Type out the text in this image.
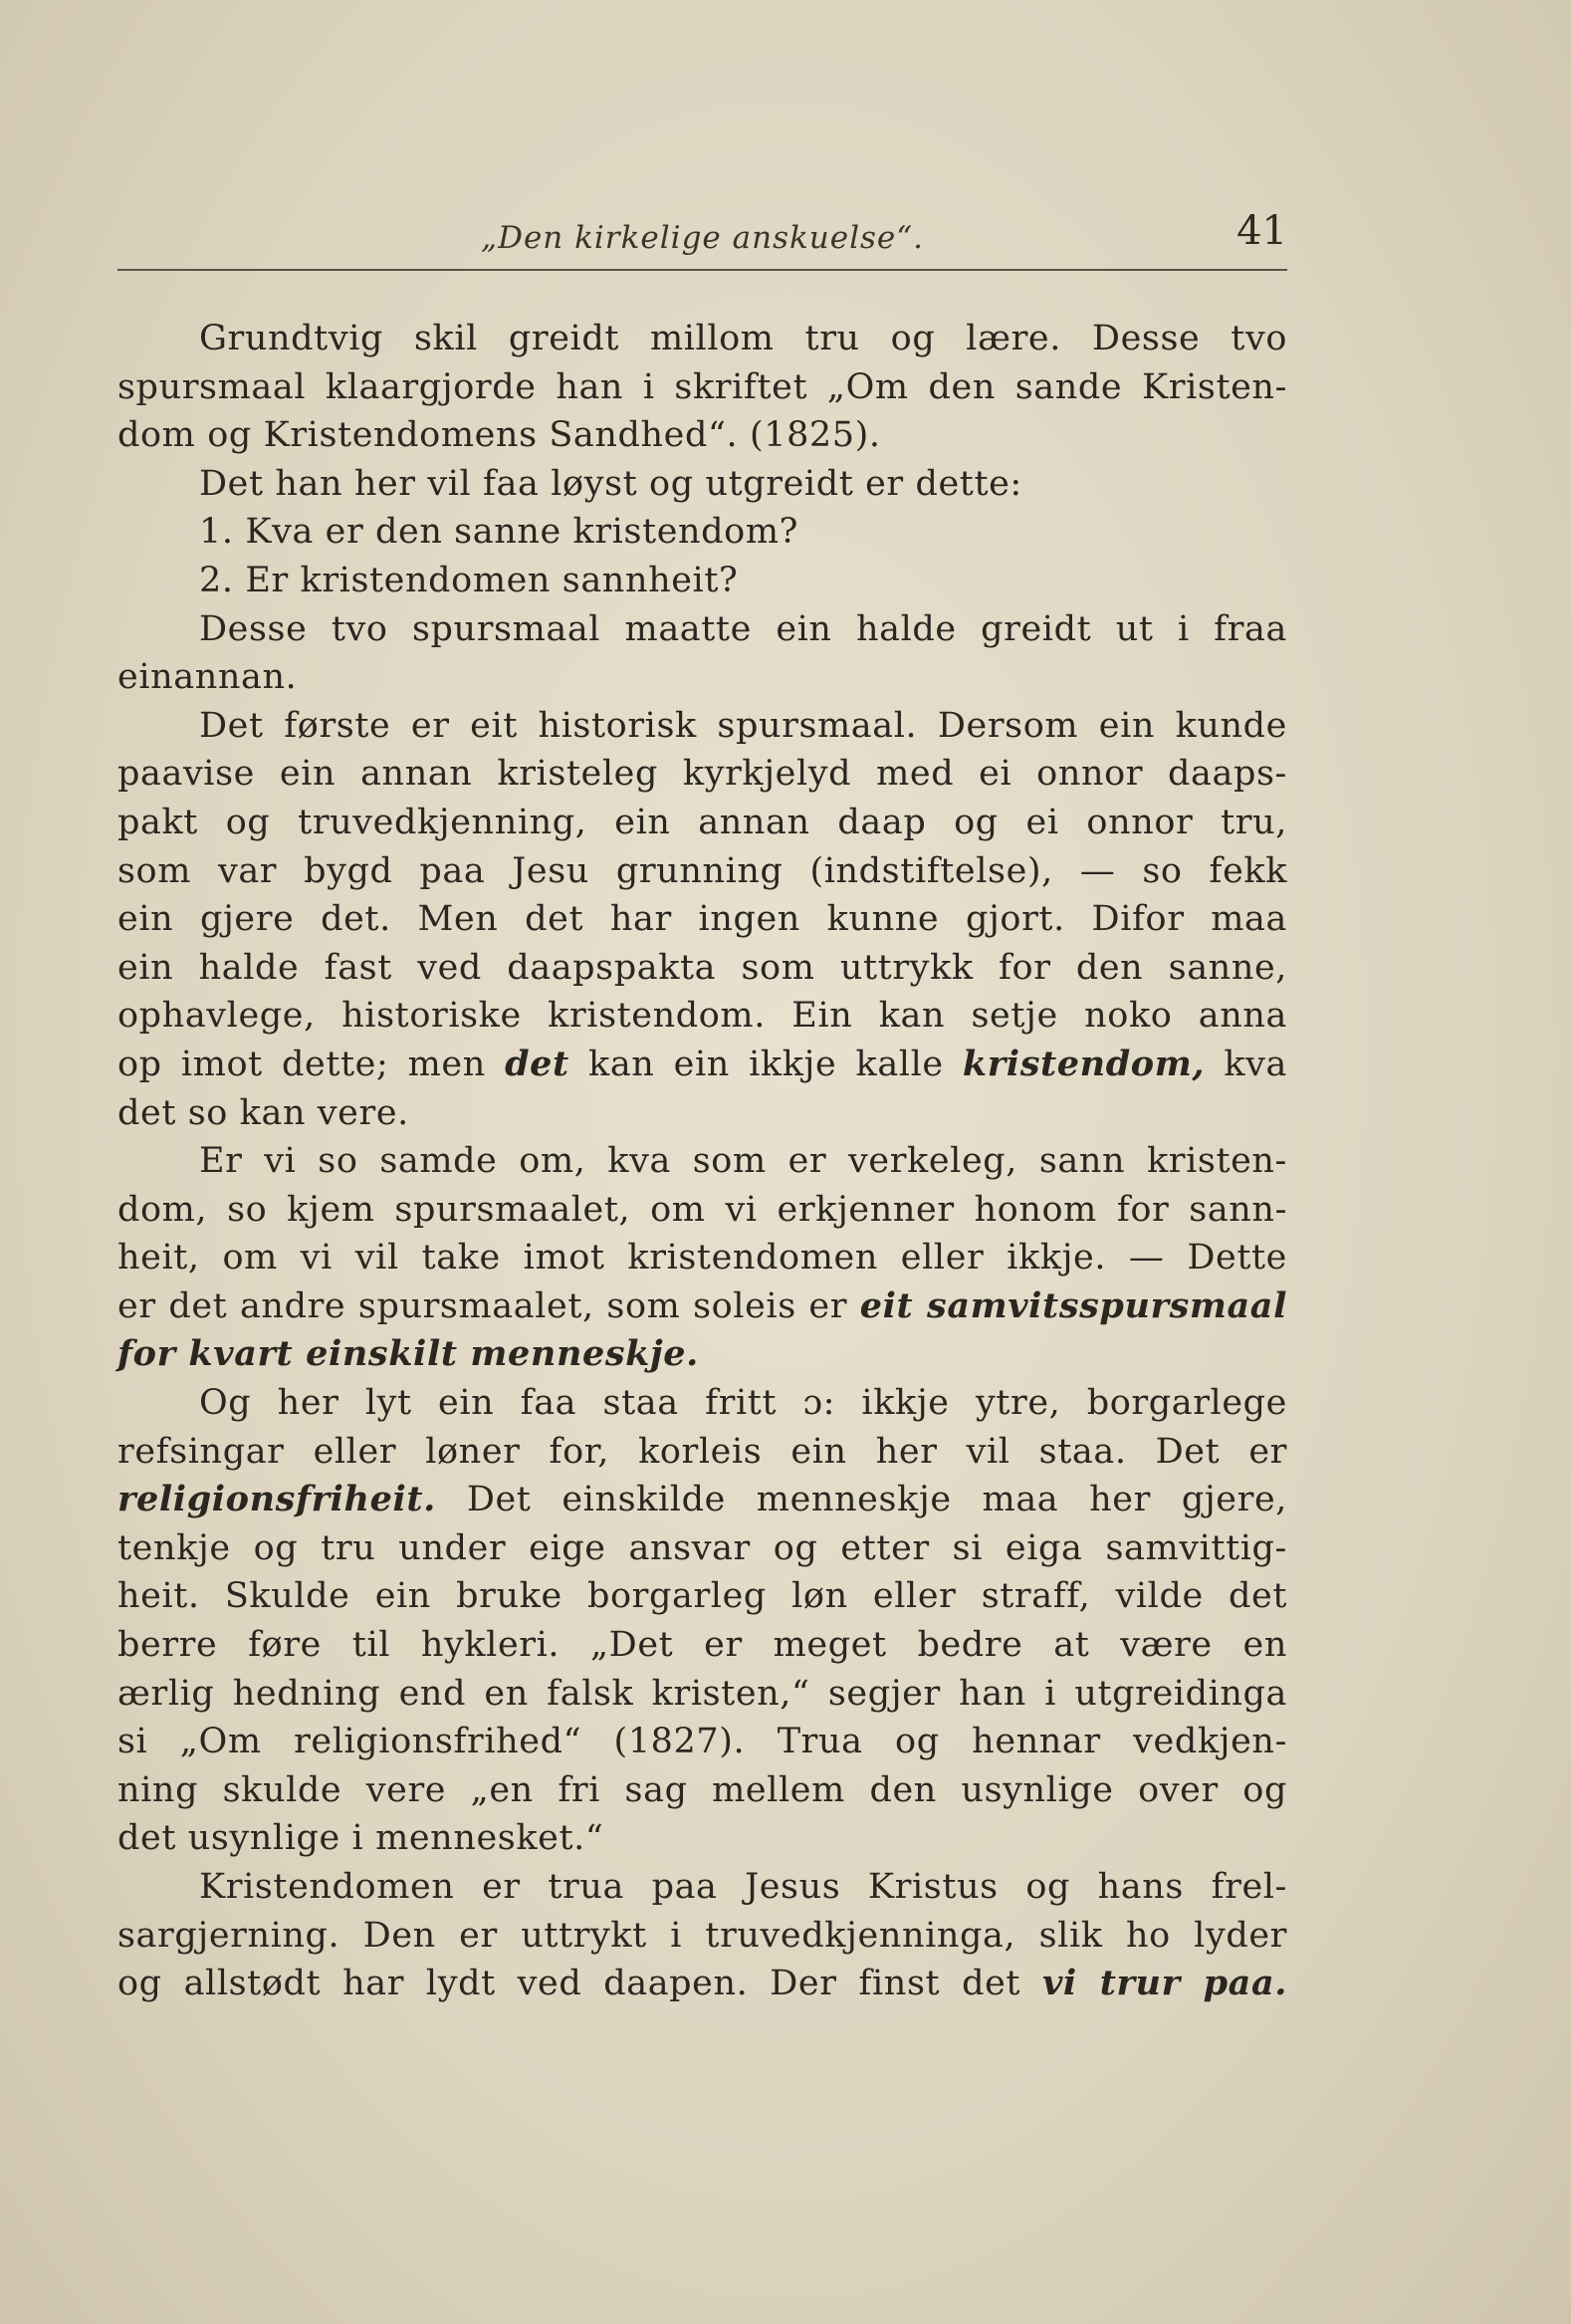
„Den kirkelige anskuelse“.	41
Grundtvig skil greidt millom tru og lære. Desse tvo
spursmaal klaargjorde han i skriftet „Om den sande Kristen-
dom og Kristendomens Sandhed“. (1825).
Det han her vil faa løyst og utgreidt er dette:
1. Kva er den sanne kristendom?
2. Er kristendomen sannheit?
Desse tvo spursmaal maatte ein halde greidt ut i fraa
einannan.
Det første er eit historisk spursmaal. Dersom ein kunde
paavise ein annan kristeleg kyrkjelyd med ei onnor daaps-
pakt og truvedkjenning, ein annan daap og ei onnor tru,
som var bygd paa Jesu grunning (indstiftelse), — so fekk
ein gjere det. Men det har ingen kunne gjort. Difor maa
ein halde fast ved daapspakta som uttrykk for den sanne,
ophavlege, historiske kristendom. Ein kan setje noko anna
op imot dette; men det kan ein ikkje kalle kristendom, kva
det so kan vere.
Er vi so samde om, kva som er verkeleg, sann kristen-
dom, so kjem spursmaalet, om vi erkjenner honom for sann-
heit, om vi vil take imot kristendomen eller ikkje. — Dette
er det andre spursmaalet, som soleis er eit samvitsspursmaal
for kvart einskilt menneskje.
Og her lyt ein faa staa fritt ɔ: ikkje ytre, borgarlege
refsingar eller løner for, korleis ein her vil staa. Det er
religionsfriheit. Det einskilde menneskje maa her gjere,
tenkje og tru under eige ansvar og etter si eiga samvittig-
heit. Skulde ein bruke borgarleg løn eller straff, vilde det
berre føre til hykleri. „Det er meget bedre at være en
ærlig hedning end en falsk kristen,“ segjer han i utgreidinga
si „Om religionsfrihed“ (1827). Trua og hennar vedkjen-
ning skulde vere „en fri sag mellem den usynlige over og
det usynlige i mennesket.“
Kristendomen er trua paa Jesus Kristus og hans frel-
sargjerning. Den er uttrykt i truvedkjenninga, slik ho lyder
og allstødt har lydt ved daapen. Der finst det vi trur paa.
